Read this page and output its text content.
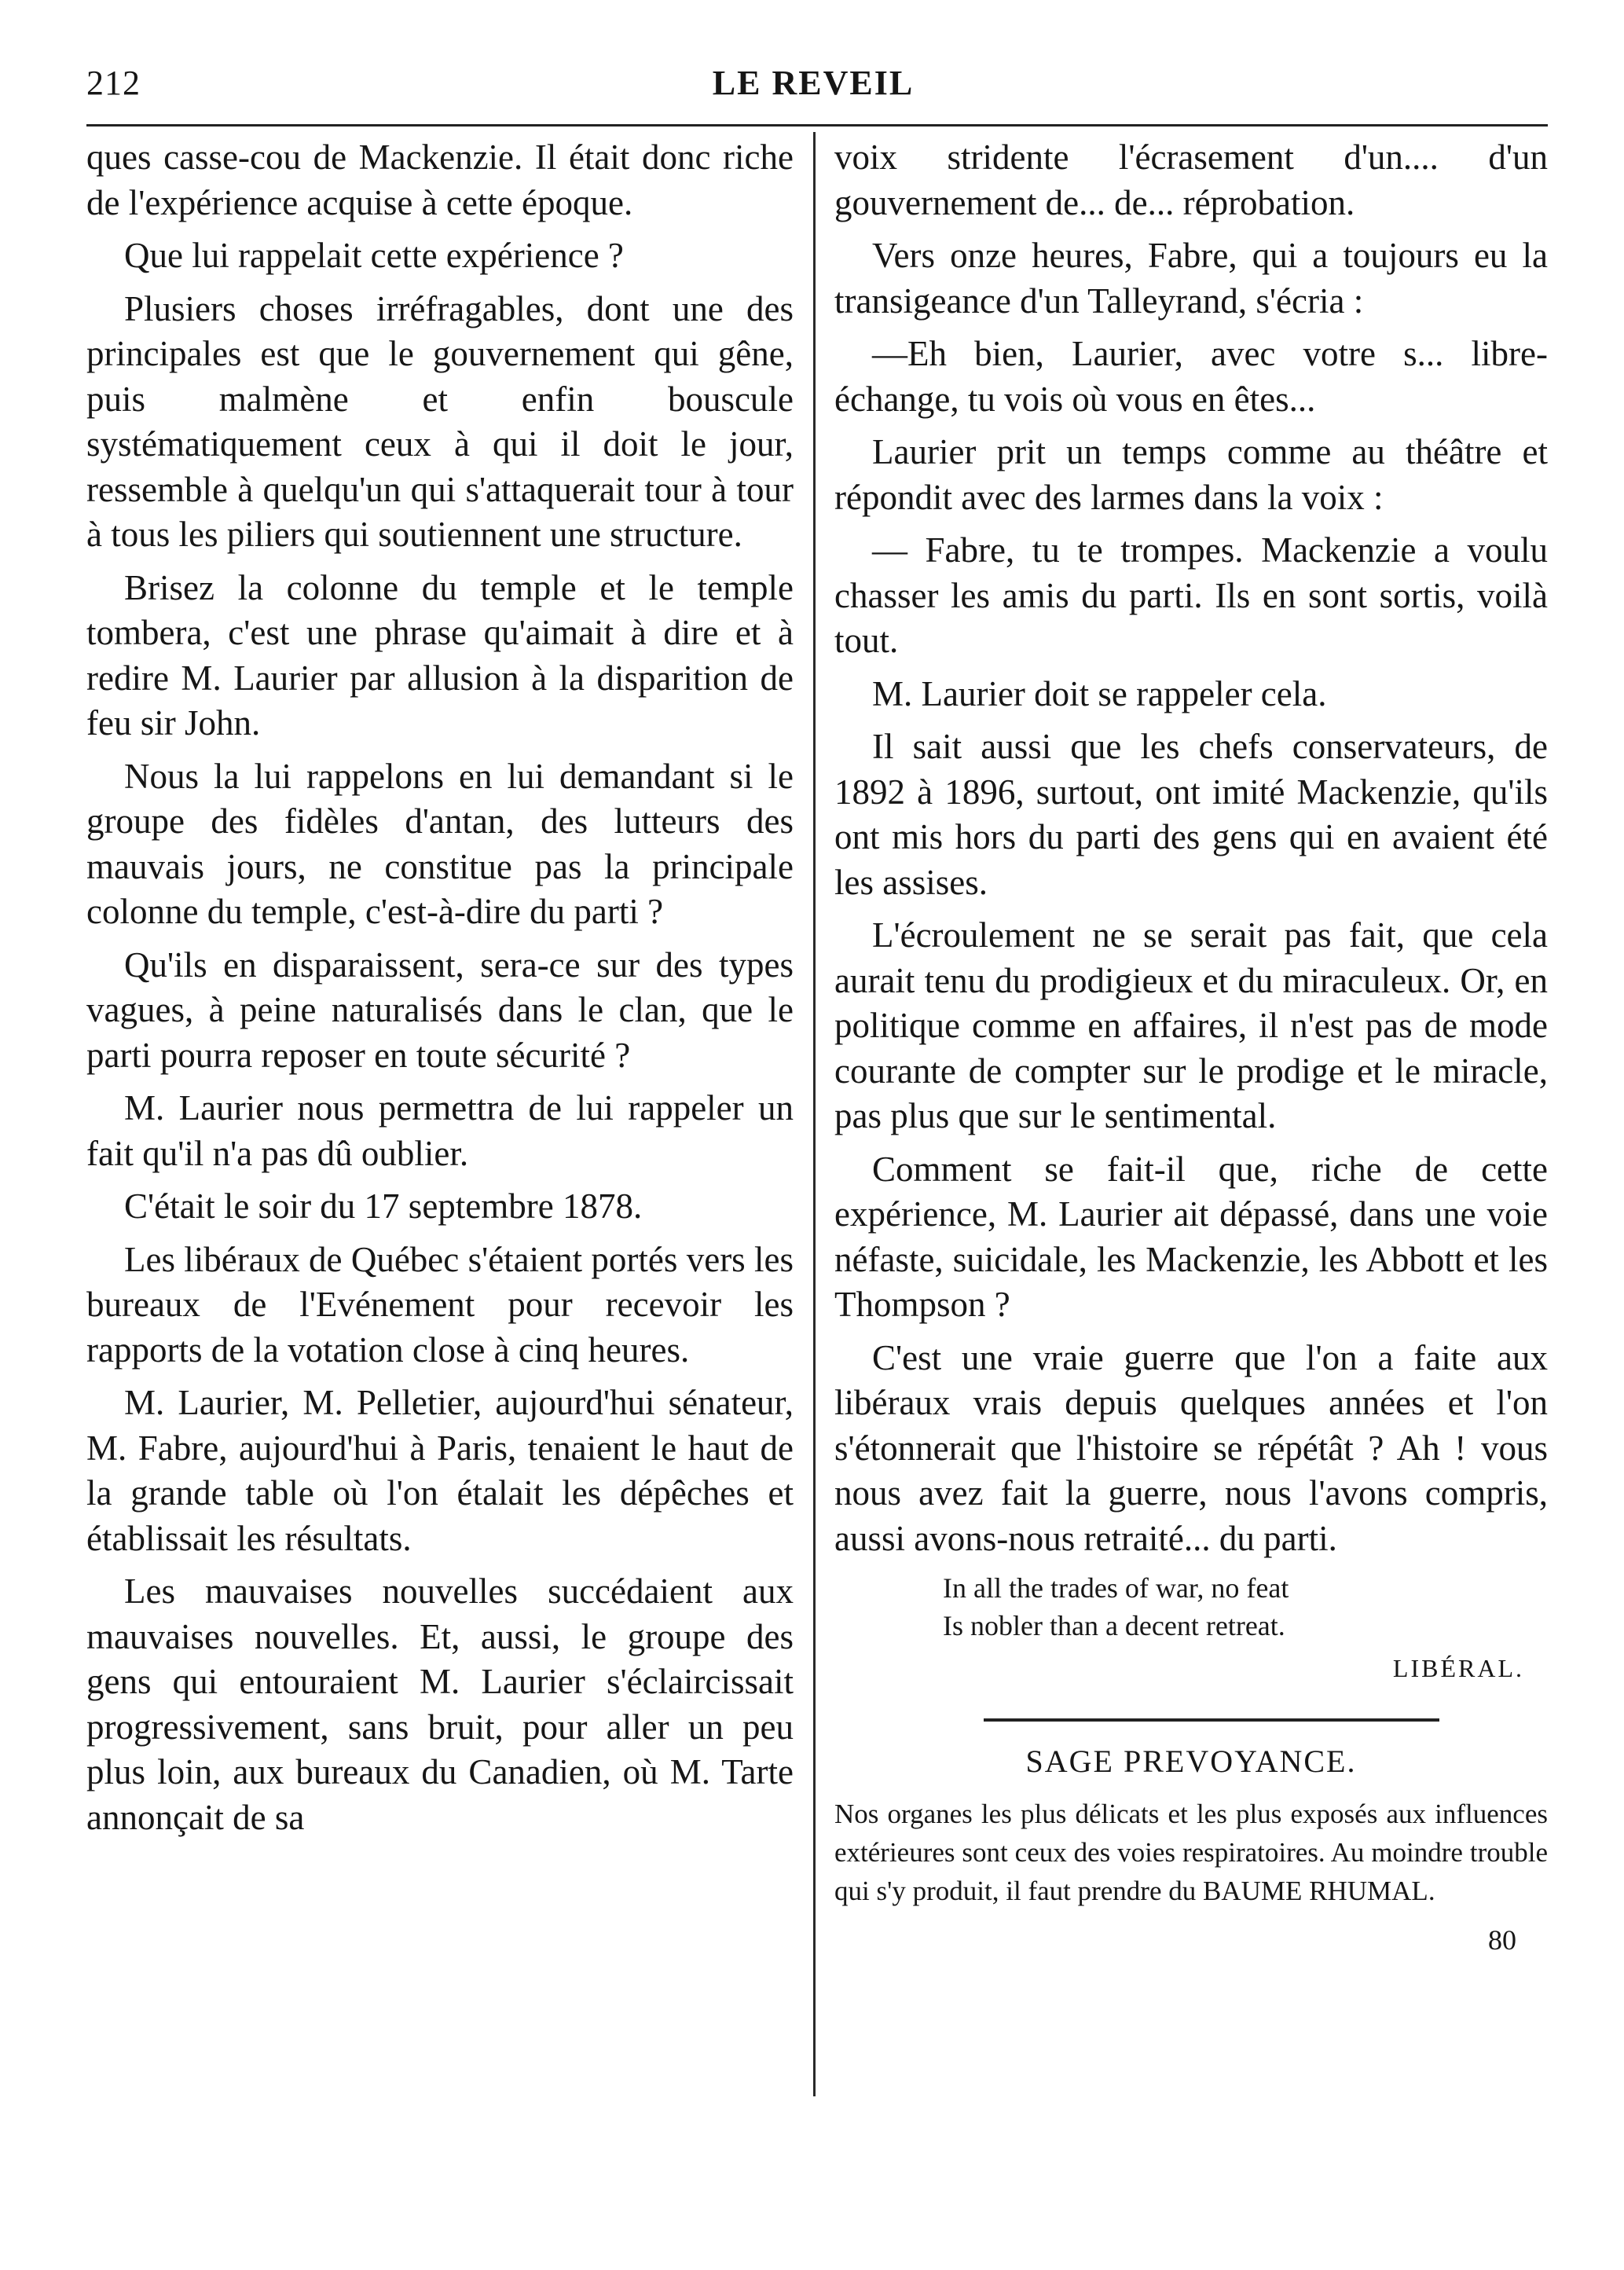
212	LE REVEIL

ques casse-cou de Mackenzie. Il était donc riche de l'expérience acquise à cette époque.

Que lui rappelait cette expérience ?

Plusiers choses irréfragables, dont une des principales est que le gouvernement qui gêne, puis malmène et enfin bouscule systématiquement ceux à qui il doit le jour, ressemble à quelqu'un qui s'attaquerait tour à tour à tous les piliers qui soutiennent une structure.

Brisez la colonne du temple et le temple tombera, c'est une phrase qu'aimait à dire et à redire M. Laurier par allusion à la disparition de feu sir John.

Nous la lui rappelons en lui demandant si le groupe des fidèles d'antan, des lutteurs des mauvais jours, ne constitue pas la principale colonne du temple, c'est-à-dire du parti ?

Qu'ils en disparaissent, sera-ce sur des types vagues, à peine naturalisés dans le clan, que le parti pourra reposer en toute sécurité ?

M. Laurier nous permettra de lui rappeler un fait qu'il n'a pas dû oublier.

C'était le soir du 17 septembre 1878.

Les libéraux de Québec s'étaient portés vers les bureaux de l'Evénement pour recevoir les rapports de la votation close à cinq heures.

M. Laurier, M. Pelletier, aujourd'hui sénateur, M. Fabre, aujourd'hui à Paris, tenaient le haut de la grande table où l'on étalait les dépêches et établissait les résultats.

Les mauvaises nouvelles succédaient aux mauvaises nouvelles. Et, aussi, le groupe des gens qui entouraient M. Laurier s'éclaircissait progressivement, sans bruit, pour aller un peu plus loin, aux bureaux du Canadien, où M. Tarte annonçait de sa

voix stridente l'écrasement d'un.... d'un gouvernement de... de... réprobation.

Vers onze heures, Fabre, qui a toujours eu la transigeance d'un Talleyrand, s'écria :

—Eh bien, Laurier, avec votre s... libre-échange, tu vois où vous en êtes...

Laurier prit un temps comme au théâtre et répondit avec des larmes dans la voix :

— Fabre, tu te trompes. Mackenzie a voulu chasser les amis du parti. Ils en sont sortis, voilà tout.

M. Laurier doit se rappeler cela.

Il sait aussi que les chefs conservateurs, de 1892 à 1896, surtout, ont imité Mackenzie, qu'ils ont mis hors du parti des gens qui en avaient été les assises.

L'écroulement ne se serait pas fait, que cela aurait tenu du prodigieux et du miraculeux. Or, en politique comme en affaires, il n'est pas de mode courante de compter sur le prodige et le miracle, pas plus que sur le sentimental.

Comment se fait-il que, riche de cette expérience, M. Laurier ait dépassé, dans une voie néfaste, suicidale, les Mackenzie, les Abbott et les Thompson ?

C'est une vraie guerre que l'on a faite aux libéraux vrais depuis quelques années et l'on s'étonnerait que l'histoire se répétât ? Ah ! vous nous avez fait la guerre, nous l'avons compris, aussi avons-nous retraité... du parti.

In all the trades of war, no feat
Is nobler than a decent retreat.
LIBÉRAL.
SAGE PREVOYANCE.

Nos organes les plus délicats et les plus exposés aux influences extérieures sont ceux des voies respiratoires. Au moindre trouble qui s'y produit, il faut prendre du BAUME RHUMAL.

80
